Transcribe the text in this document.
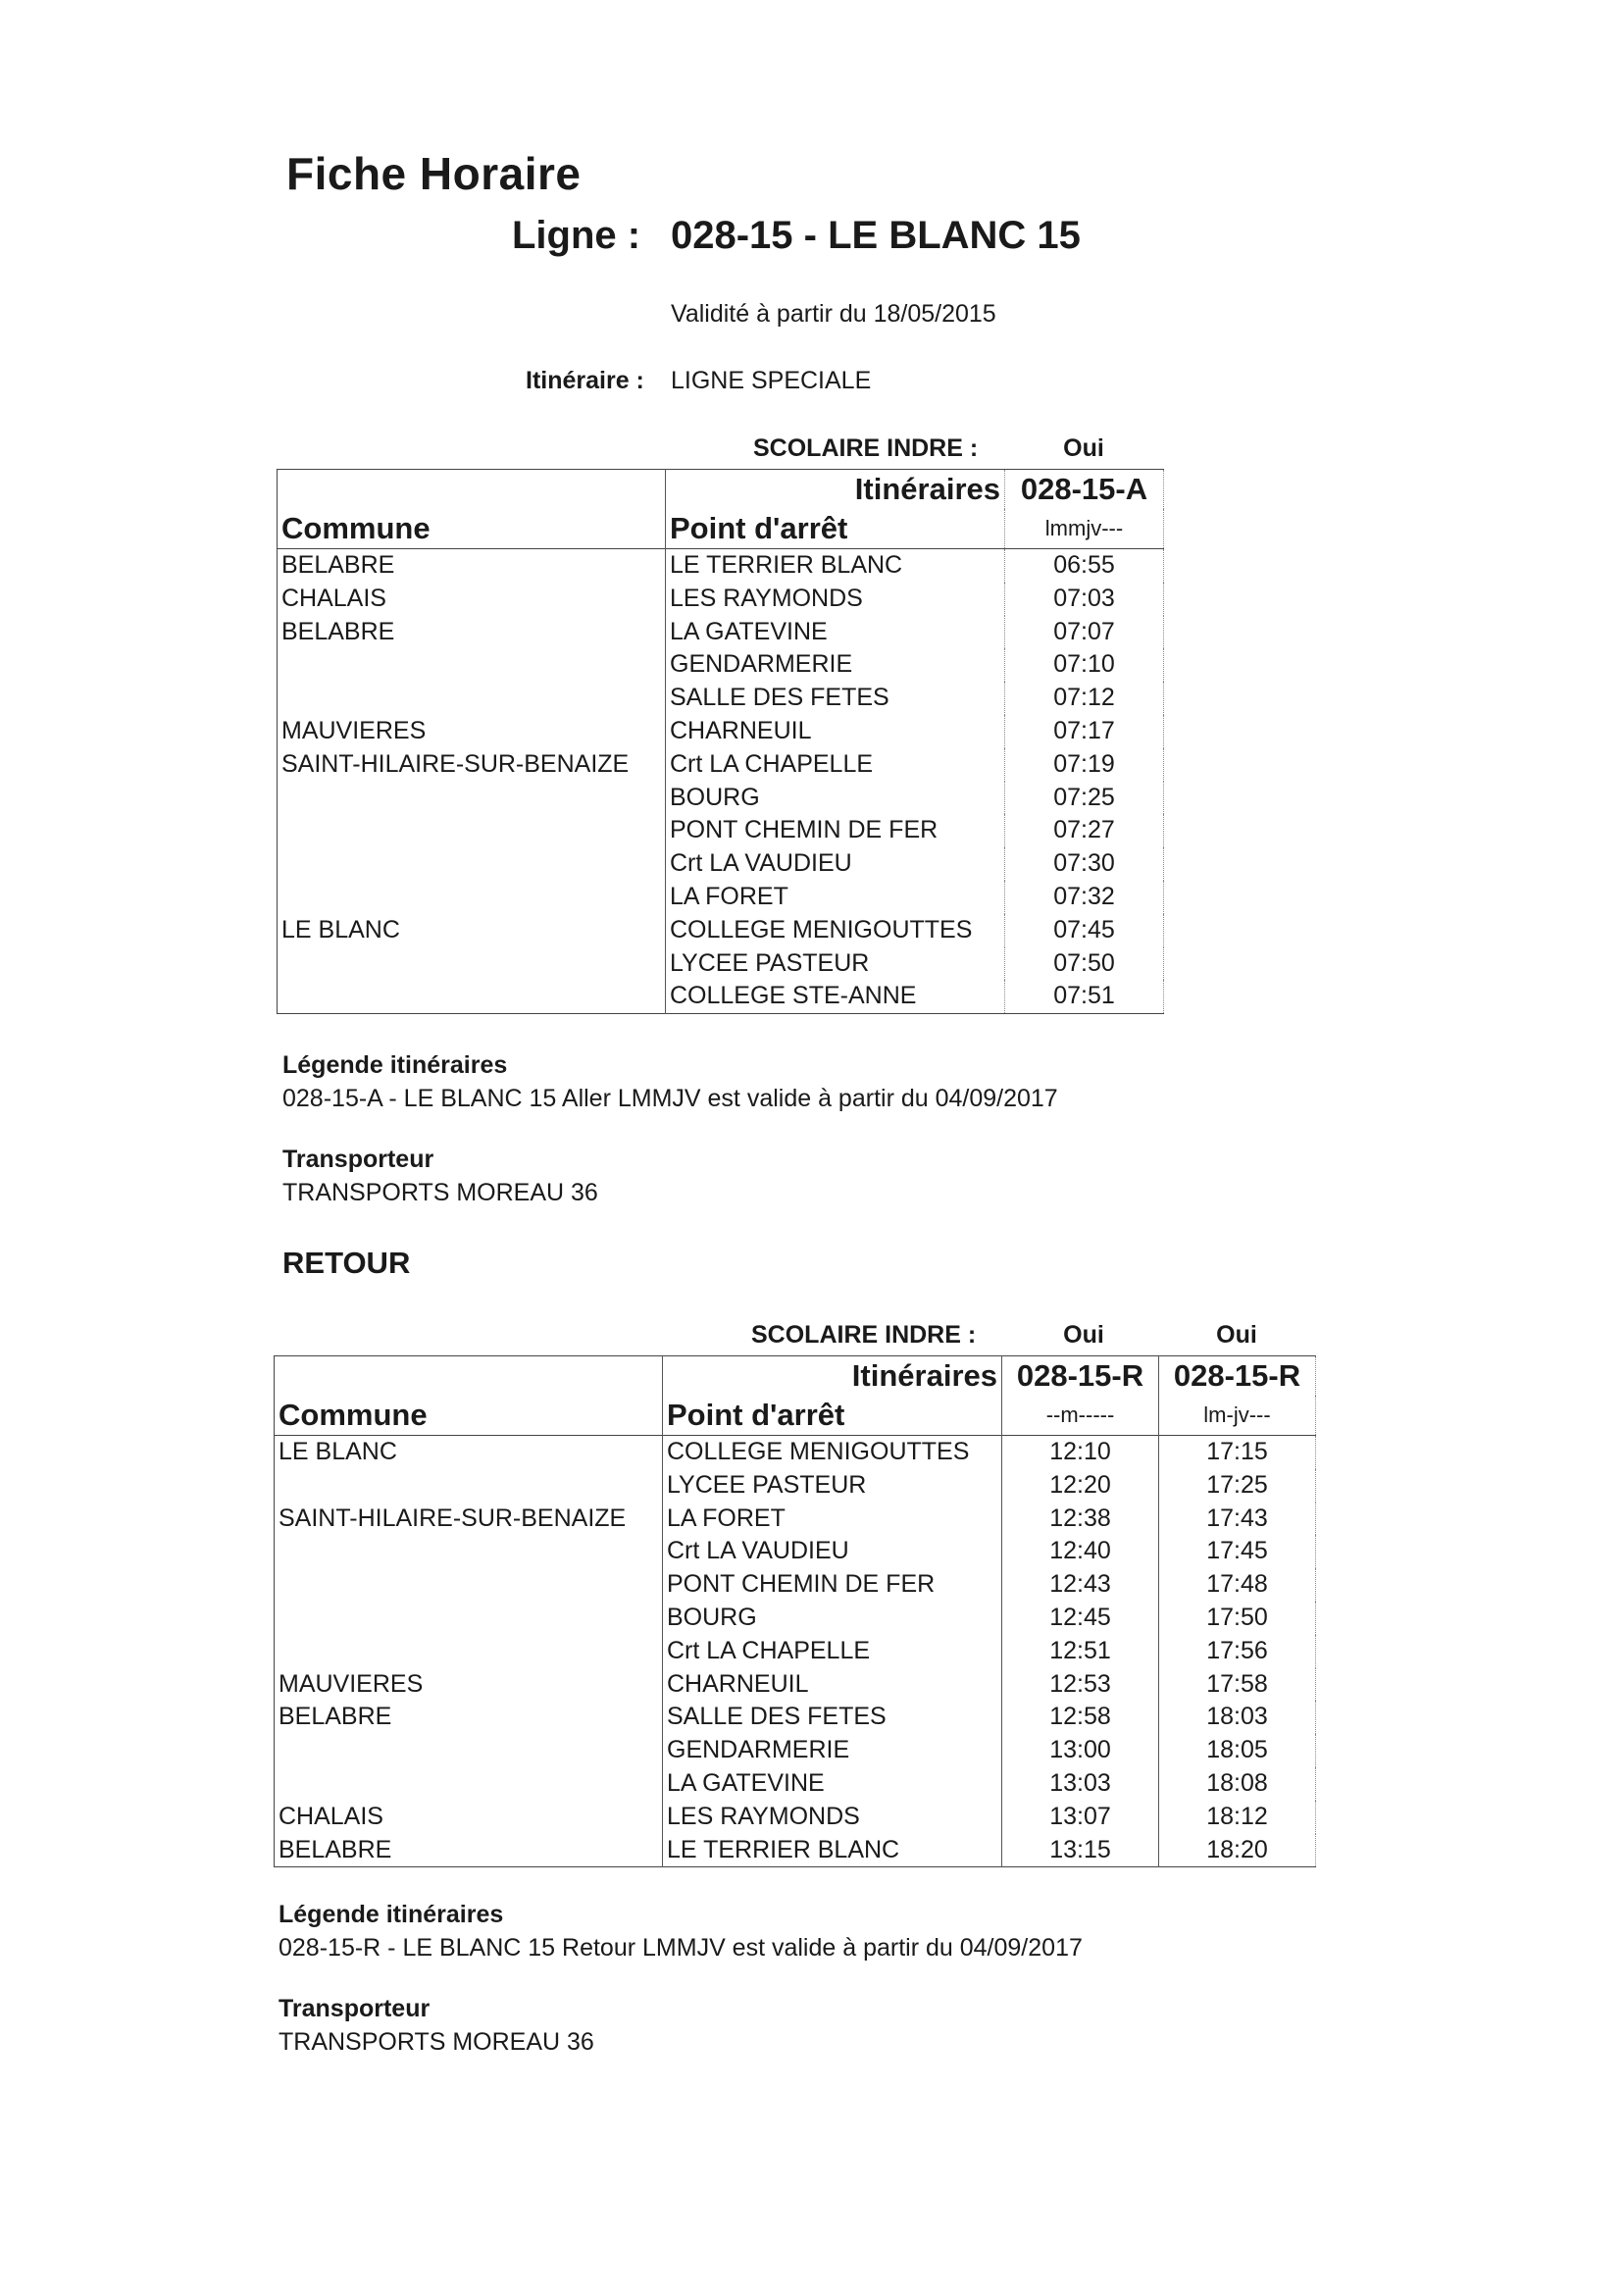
Fiche Horaire
Ligne : 028-15 - LE BLANC 15
Validité à partir du 18/05/2015
Itinéraire : LIGNE SPECIALE
SCOLAIRE INDRE :	Oui
	Itinéraires	028-15-A
Commune	Point d'arrêt	lmmjv---
BELABRE	LE TERRIER BLANC	06:55
CHALAIS	LES RAYMONDS	07:03
BELABRE	LA GATEVINE	07:07
	GENDARMERIE	07:10
	SALLE DES FETES	07:12
MAUVIERES	CHARNEUIL	07:17
SAINT-HILAIRE-SUR-BENAIZE	Crt LA CHAPELLE	07:19
	BOURG	07:25
	PONT CHEMIN DE FER	07:27
	Crt LA VAUDIEU	07:30
	LA FORET	07:32
LE BLANC	COLLEGE MENIGOUTTES	07:45
	LYCEE PASTEUR	07:50
	COLLEGE STE-ANNE	07:51
Légende itinéraires
028-15-A - LE BLANC 15 Aller LMMJV est valide à partir du 04/09/2017
Transporteur
TRANSPORTS MOREAU 36
RETOUR
SCOLAIRE INDRE :	Oui	Oui
	Itinéraires	028-15-R	028-15-R
Commune	Point d'arrêt	--m-----	lm-jv---
LE BLANC	COLLEGE MENIGOUTTES	12:10	17:15
	LYCEE PASTEUR	12:20	17:25
SAINT-HILAIRE-SUR-BENAIZE	LA FORET	12:38	17:43
	Crt LA VAUDIEU	12:40	17:45
	PONT CHEMIN DE FER	12:43	17:48
	BOURG	12:45	17:50
	Crt LA CHAPELLE	12:51	17:56
MAUVIERES	CHARNEUIL	12:53	17:58
BELABRE	SALLE DES FETES	12:58	18:03
	GENDARMERIE	13:00	18:05
	LA GATEVINE	13:03	18:08
CHALAIS	LES RAYMONDS	13:07	18:12
BELABRE	LE TERRIER BLANC	13:15	18:20
Légende itinéraires
028-15-R - LE BLANC 15 Retour LMMJV est valide à partir du 04/09/2017
Transporteur
TRANSPORTS MOREAU 36
